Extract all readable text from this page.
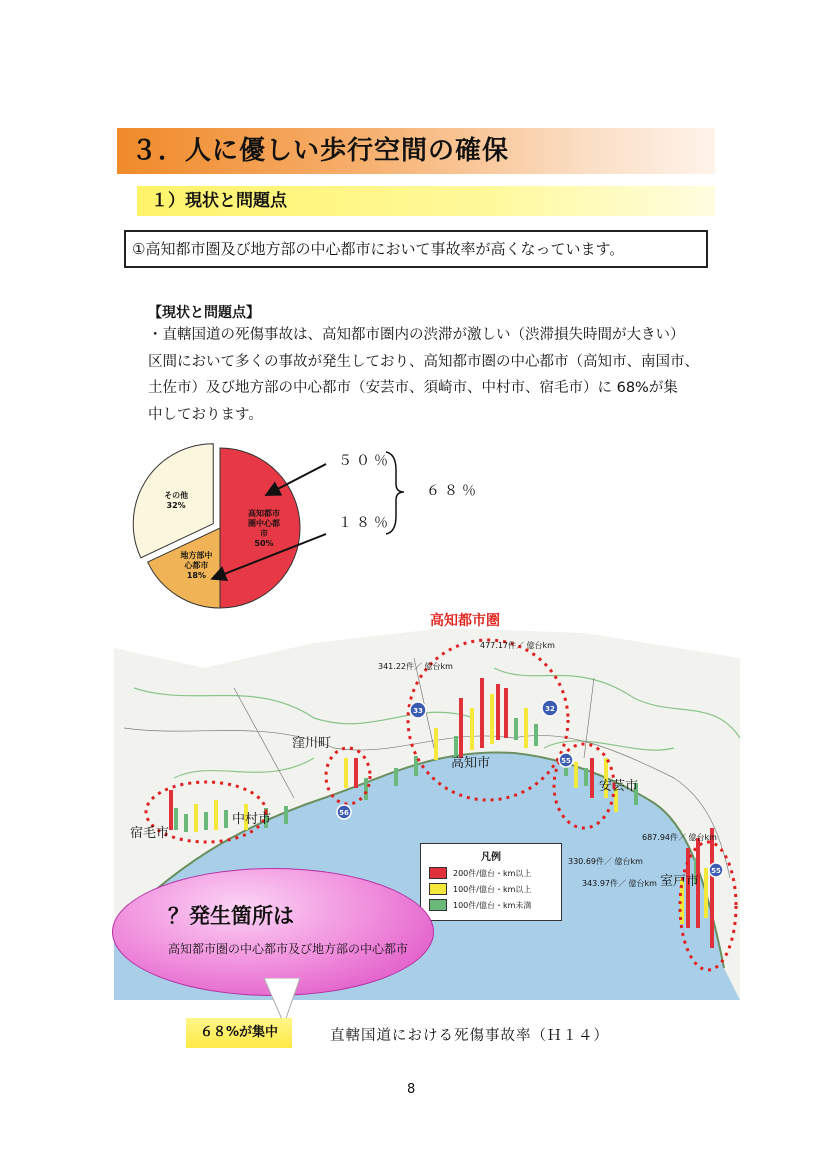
３．人に優しい歩行空間の確保
１）現状と問題点
①高知都市圏及び地方部の中心都市において事故率が高くなっています。
【現状と問題点】
・直轄国道の死傷事故は、高知都市圏内の渋滞が激しい（渋滞損失時間が大きい）
区間において多くの事故が発生しており、高知都市圏の中心都市（高知市、南国市、
土佐市）及び地方部の中心都市（安芸市、須崎市、中村市、宿毛市）に 68%が集
中しております。
高知都市
圏中心都
市
50%
地方部中
心都市
18%
その他
32%
５０％
１８％
６８％
33	32
55
56
55
高知都市圏
477.17件／ 億台km
341.22件／ 億台km
687.94件／ 億台km
330.69件／ 億台km
343.97件／ 億台km
高知市
安芸市
室戸市
中村市
宿毛市
窪川町
凡例
200件/億台・km以上
100件/億台・km以上
100件/億台・km未満
？発生箇所は
高知都市圏の中心都市及び地方部の中心都市
６８%が集中	直轄国道における死傷事故率（Ｈ１４）
8
